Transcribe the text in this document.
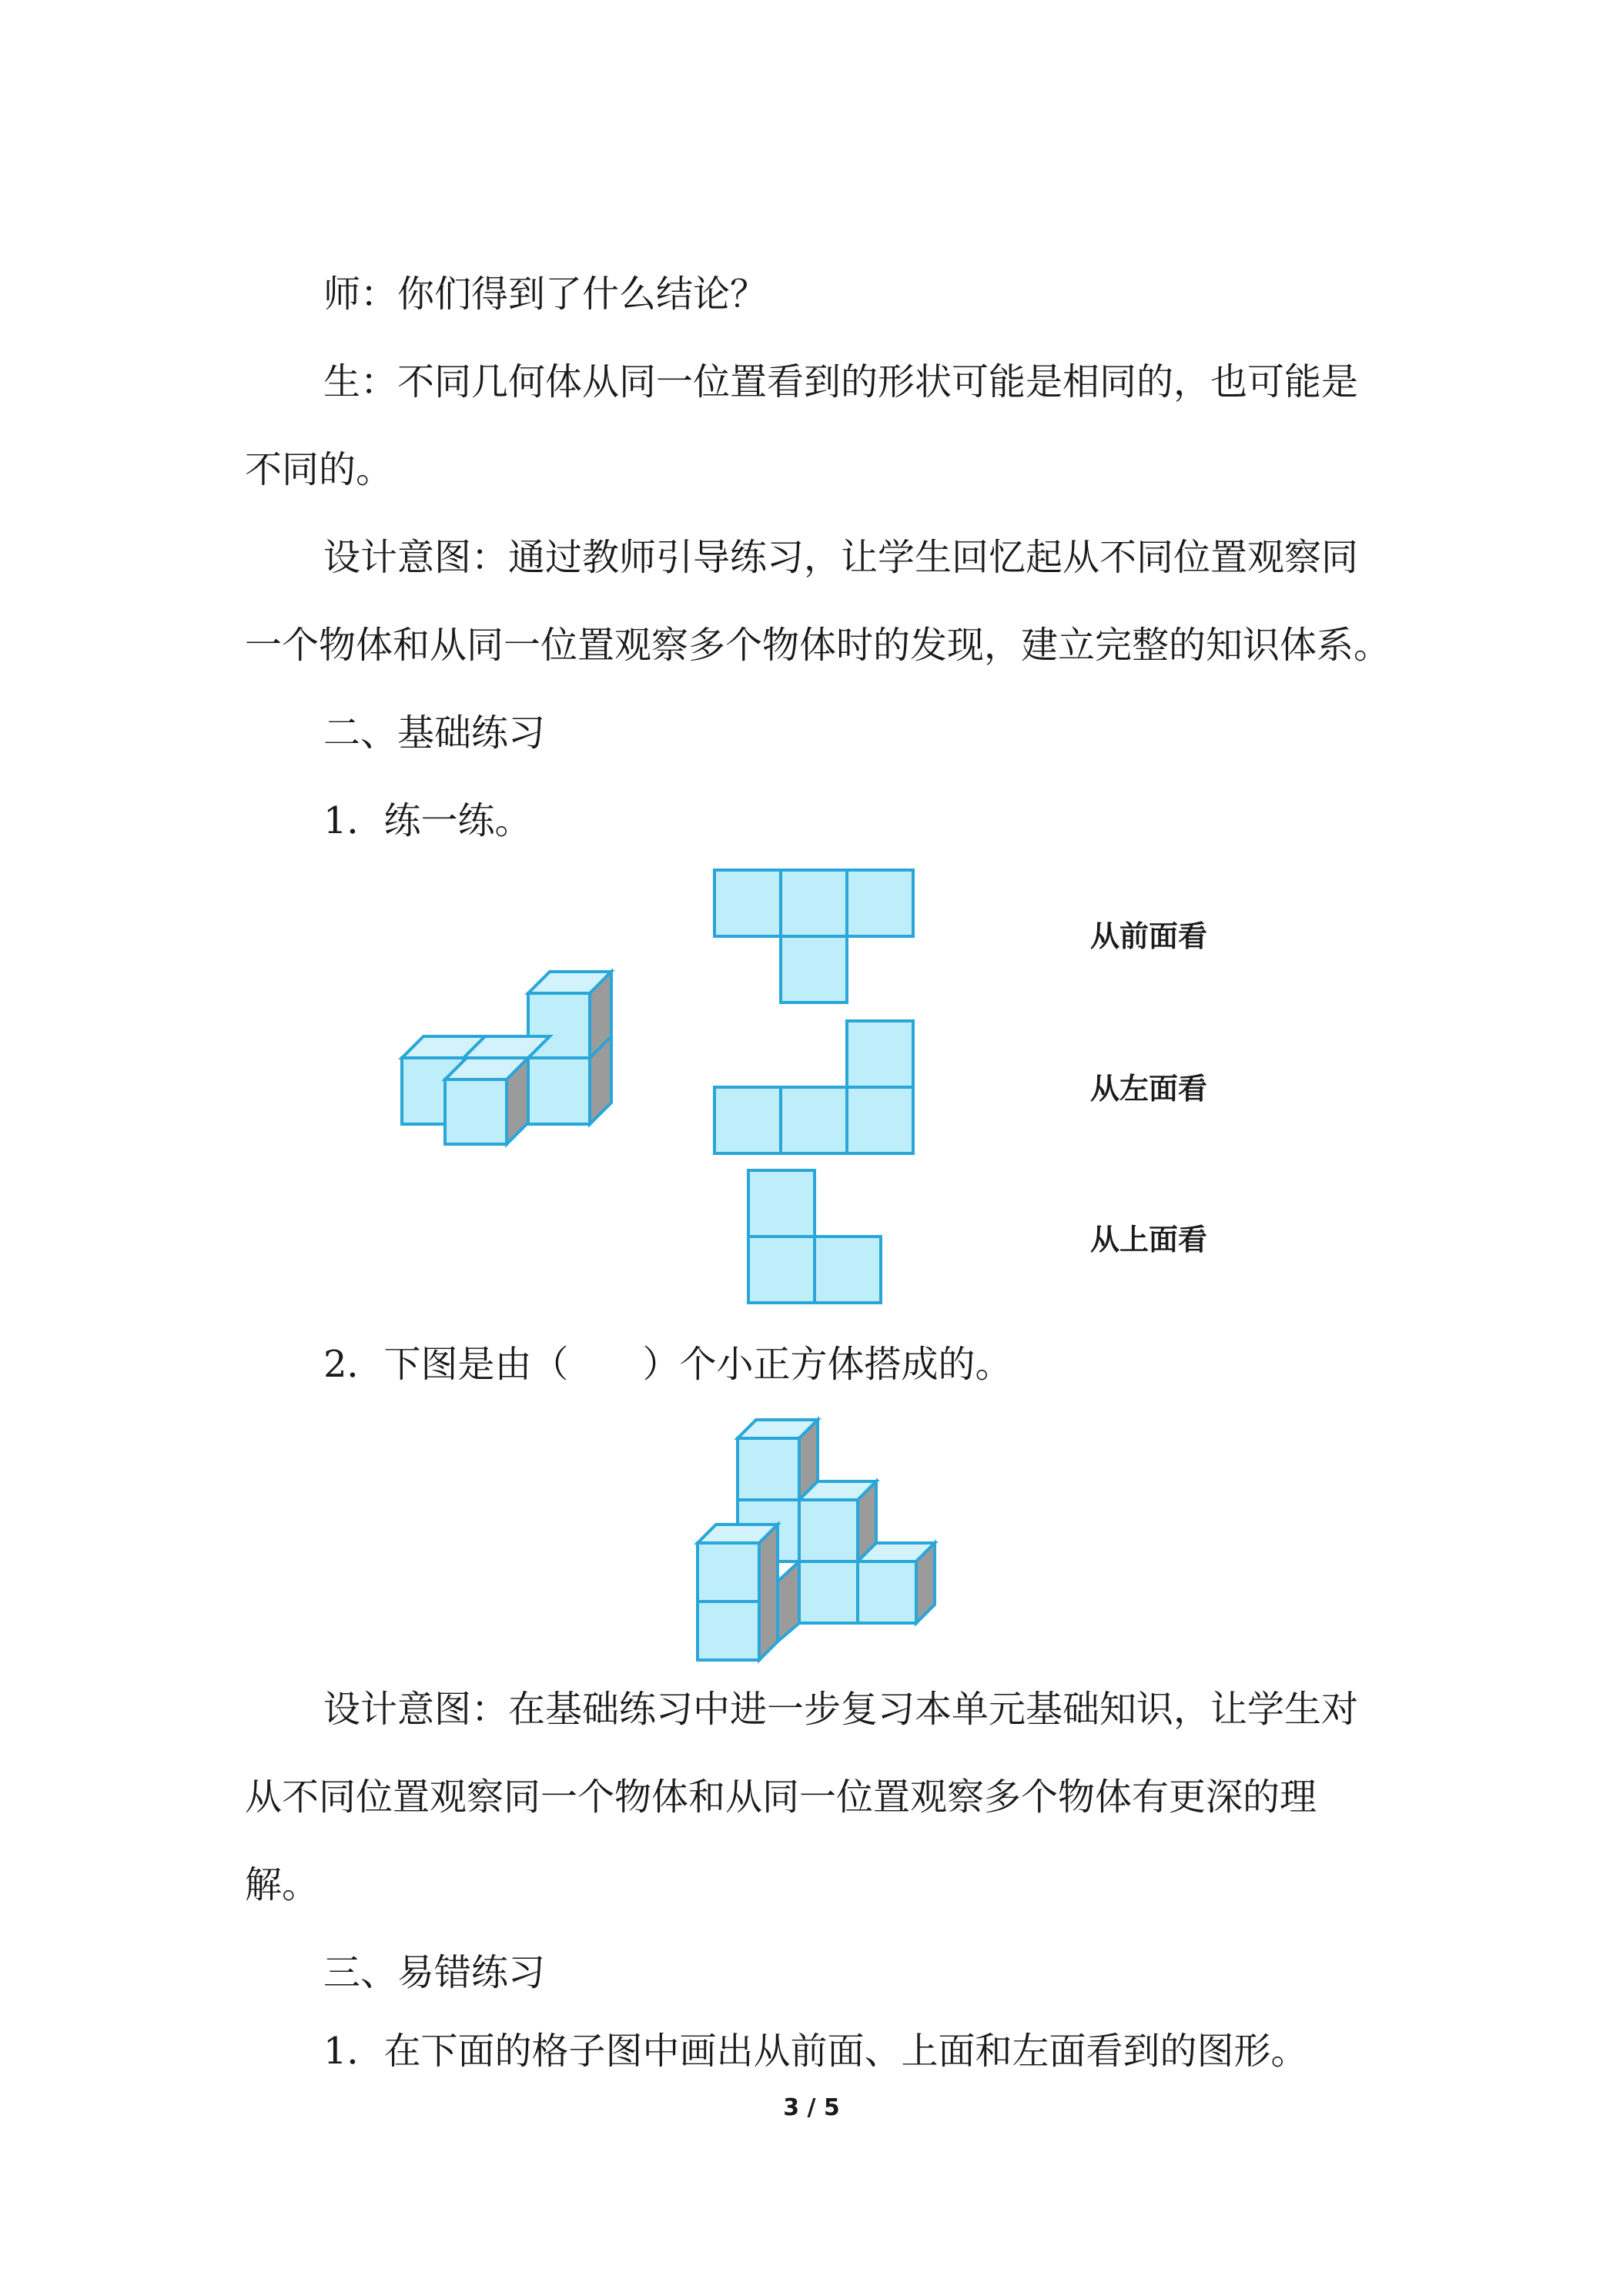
师：你们得到了什么结论？
生：不同几何体从同一位置看到的形状可能是相同的，也可能是
不同的。
设计意图：通过教师引导练习，让学生回忆起从不同位置观察同
一个物体和从同一位置观察多个物体时的发现，建立完整的知识体系。
二、基础练习
1．练一练。
从前面看
从左面看
从上面看
2．下图是由（　　）个小正方体搭成的。
设计意图：在基础练习中进一步复习本单元基础知识，让学生对
从不同位置观察同一个物体和从同一位置观察多个物体有更深的理
解。
三、易错练习
1．在下面的格子图中画出从前面、上面和左面看到的图形。
3 / 5
